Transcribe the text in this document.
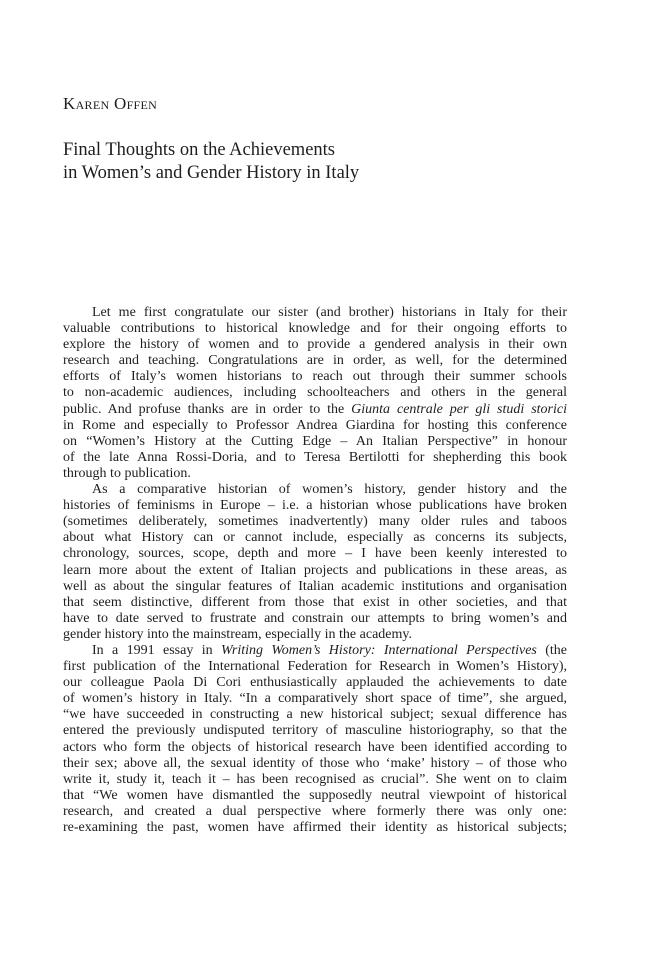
Karen Offen
Final Thoughts on the Achievements
in Women’s and Gender History in Italy
Let me first congratulate our sister (and brother) historians in Italy for their
valuable contributions to historical knowledge and for their ongoing efforts to
explore the history of women and to provide a gendered analysis in their own
research and teaching. Congratulations are in order, as well, for the determined
efforts of Italy’s women historians to reach out through their summer schools
to non-academic audiences, including schoolteachers and others in the general
public. And profuse thanks are in order to the Giunta centrale per gli studi storici
in Rome and especially to Professor Andrea Giardina for hosting this conference
on “Women’s History at the Cutting Edge – An Italian Perspective” in honour
of the late Anna Rossi-Doria, and to Teresa Bertilotti for shepherding this book
through to publication.
As a comparative historian of women’s history, gender history and the
histories of feminisms in Europe – i.e. a historian whose publications have broken
(sometimes deliberately, sometimes inadvertently) many older rules and taboos
about what History can or cannot include, especially as concerns its subjects,
chronology, sources, scope, depth and more – I have been keenly interested to
learn more about the extent of Italian projects and publications in these areas, as
well as about the singular features of Italian academic institutions and organisation
that seem distinctive, different from those that exist in other societies, and that
have to date served to frustrate and constrain our attempts to bring women’s and
gender history into the mainstream, especially in the academy.
In a 1991 essay in Writing Women’s History: International Perspectives (the
first publication of the International Federation for Research in Women’s History),
our colleague Paola Di Cori enthusiastically applauded the achievements to date
of women’s history in Italy. “In a comparatively short space of time”, she argued,
“we have succeeded in constructing a new historical subject; sexual difference has
entered the previously undisputed territory of masculine historiography, so that the
actors who form the objects of historical research have been identified according to
their sex; above all, the sexual identity of those who ‘make’ history – of those who
write it, study it, teach it – has been recognised as crucial”. She went on to claim
that “We women have dismantled the supposedly neutral viewpoint of historical
research, and created a dual perspective where formerly there was only one:
re-examining the past, women have affirmed their identity as historical subjects;
